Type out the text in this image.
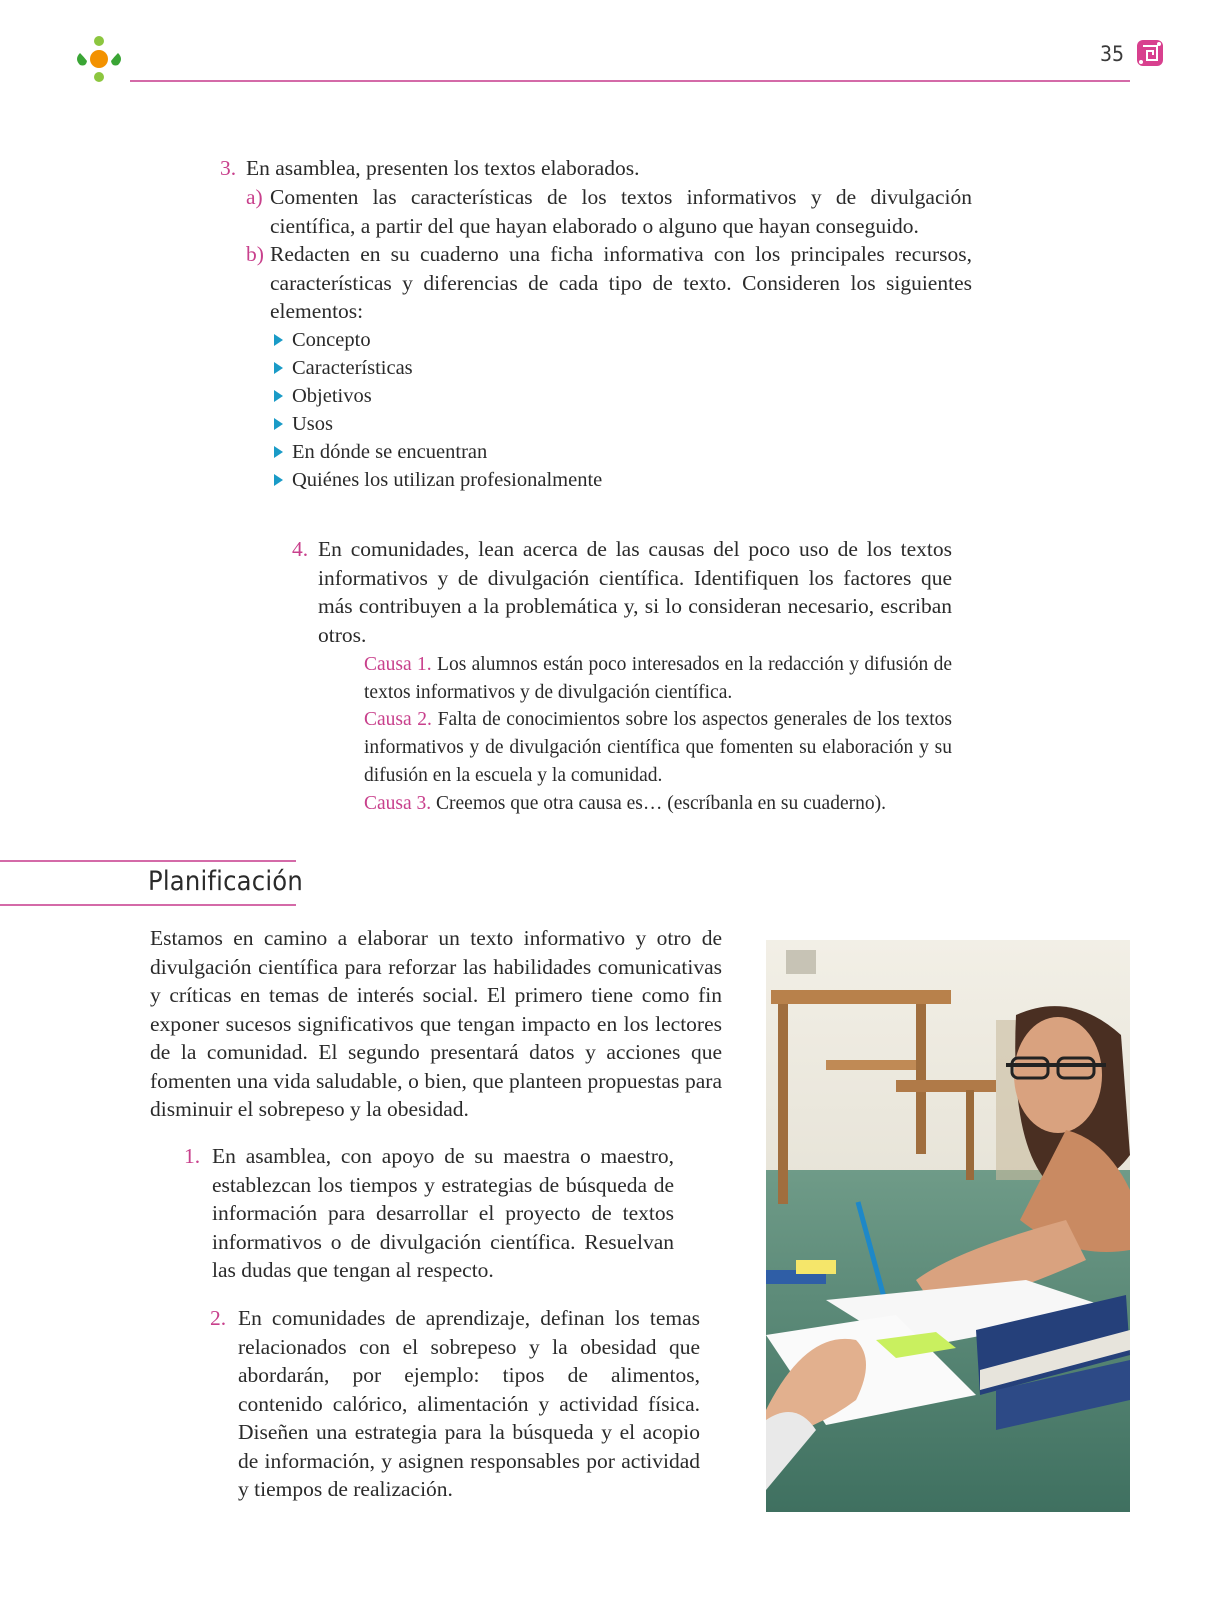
35
3. En asamblea, presenten los textos elaborados.
a) Comenten las características de los textos informativos y de divulgación científica, a partir del que hayan elaborado o alguno que hayan conseguido.
b) Redacten en su cuaderno una ficha informativa con los principales recursos, características y diferencias de cada tipo de texto. Consideren los siguientes elementos:
Concepto
Características
Objetivos
Usos
En dónde se encuentran
Quiénes los utilizan profesionalmente
4. En comunidades, lean acerca de las causas del poco uso de los textos informativos y de divulgación científica. Identifiquen los factores que más contribuyen a la problemática y, si lo consideran necesario, escriban otros.
Causa 1. Los alumnos están poco interesados en la redacción y difusión de textos informativos y de divulgación científica.
Causa 2. Falta de conocimientos sobre los aspectos generales de los textos informativos y de divulgación científica que fomenten su elaboración y su difusión en la escuela y la comunidad.
Causa 3. Creemos que otra causa es… (escríbanla en su cuaderno).
Planificación
Estamos en camino a elaborar un texto informativo y otro de divulgación científica para reforzar las habilidades comunicativas y críticas en temas de interés social. El primero tiene como fin exponer sucesos significativos que tengan impacto en los lectores de la comunidad. El segundo presentará datos y acciones que fomenten una vida saludable, o bien, que planteen propuestas para disminuir el sobrepeso y la obesidad.
1. En asamblea, con apoyo de su maestra o maestro, establezcan los tiempos y estrategias de búsqueda de información para desarrollar el proyecto de textos informativos o de divulgación científica. Resuelvan las dudas que tengan al respecto.
2. En comunidades de aprendizaje, definan los temas relacionados con el sobrepeso y la obesidad que abordarán, por ejemplo: tipos de alimentos, contenido calórico, alimentación y actividad física. Diseñen una estrategia para la búsqueda y el acopio de información, y asignen responsables por actividad y tiempos de realización.
